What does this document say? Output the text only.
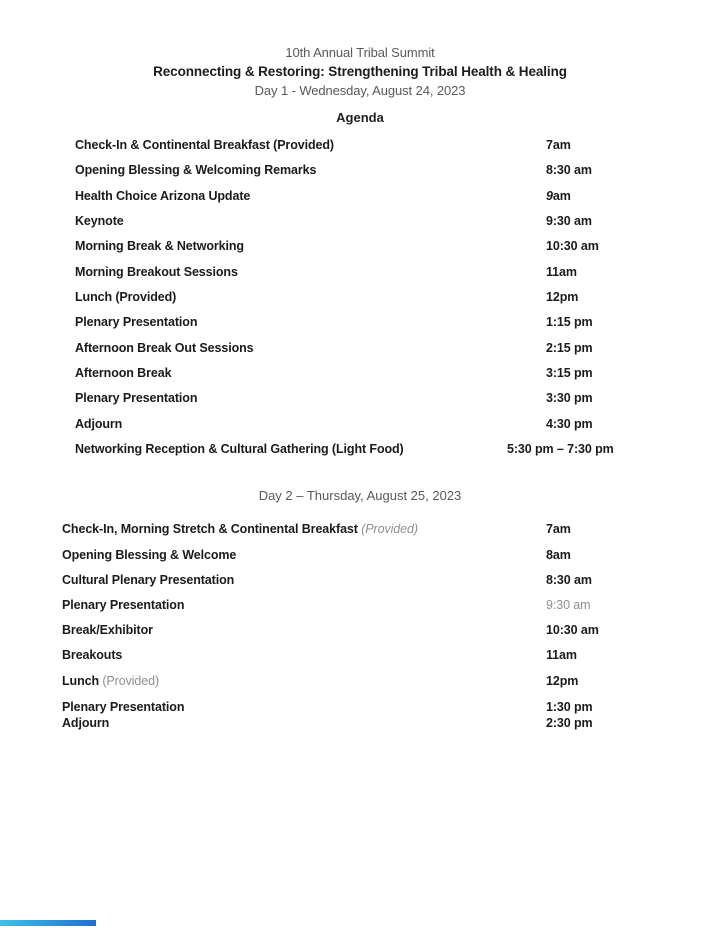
10th Annual Tribal Summit
Reconnecting & Restoring: Strengthening Tribal Health & Healing
Day 1 - Wednesday, August 24, 2023
Agenda
Check-In & Continental Breakfast (Provided)	7am
Opening Blessing & Welcoming Remarks	8:30 am
Health Choice Arizona Update	9am
Keynote	9:30 am
Morning Break & Networking	10:30 am
Morning Breakout Sessions	11am
Lunch (Provided)	12pm
Plenary Presentation	1:15 pm
Afternoon Break Out Sessions	2:15 pm
Afternoon Break	3:15 pm
Plenary Presentation	3:30 pm
Adjourn	4:30 pm
Networking Reception & Cultural Gathering (Light Food)	5:30 pm – 7:30 pm
Day 2 – Thursday, August 25, 2023
Check-In, Morning Stretch & Continental Breakfast (Provided)	7am
Opening Blessing & Welcome	8am
Cultural Plenary Presentation	8:30 am
Plenary Presentation	9:30 am
Break/Exhibitor	10:30 am
Breakouts	11am
Lunch (Provided)	12pm
Plenary Presentation	1:30 pm
Adjourn	2:30 pm
